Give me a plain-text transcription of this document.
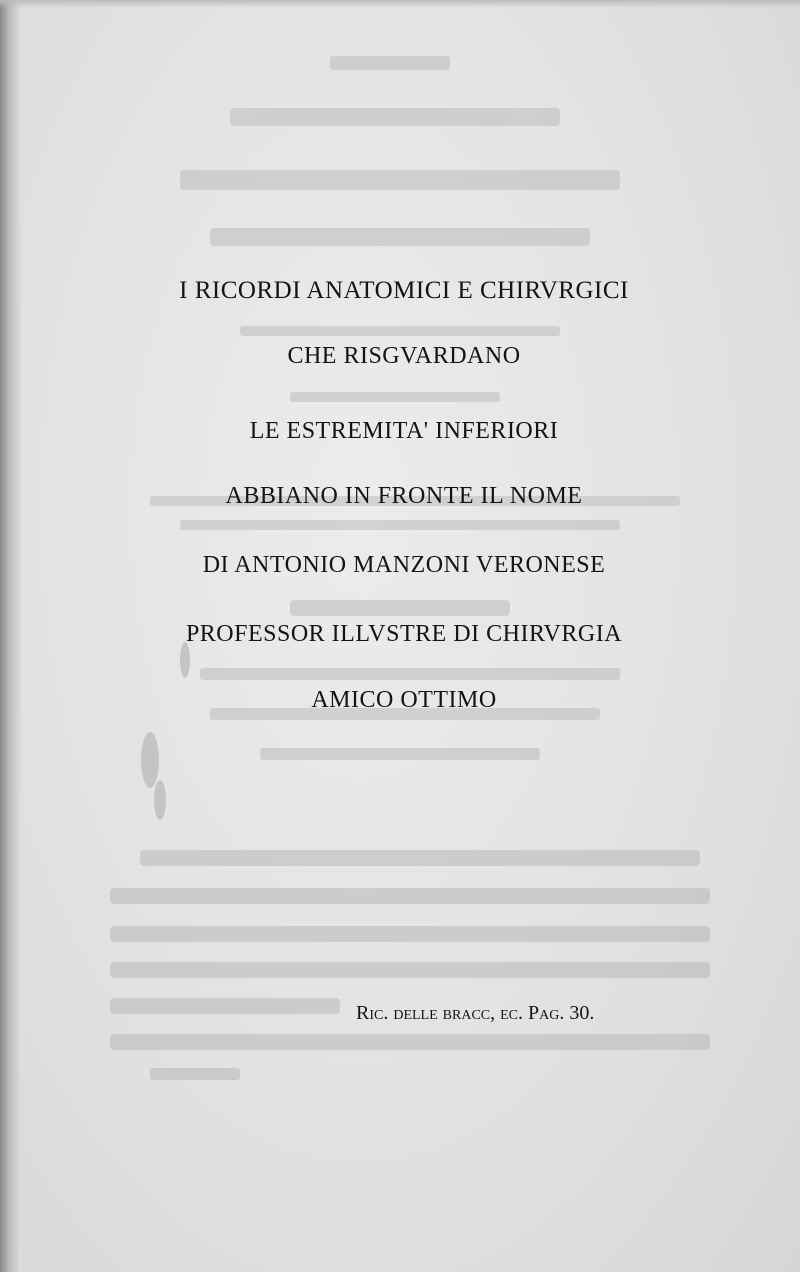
I RICORDI ANATOMICI E CHIRVRGICI
CHE RISGVARDANO
LE ESTREMITA' INFERIORI
ABBIANO IN FRONTE IL NOME
DI ANTONIO MANZONI VERONESE
PROFESSOR ILLVSTRE DI CHIRVRGIA
AMICO OTTIMO
Ric. delle bracc, ec. Pag. 30.
